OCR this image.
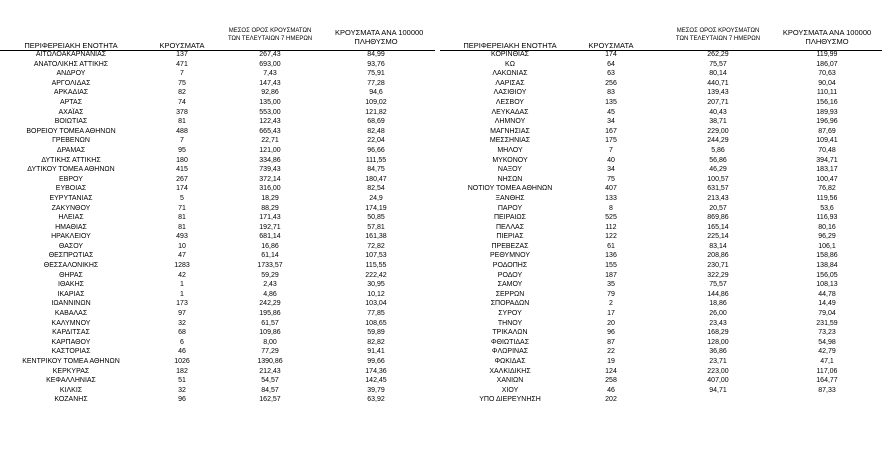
ΠΕΡΙΦΕΡΕΙΑΚΗ ΕΝΟΤΗΤΑ	ΚΡΟΥΣΜΑΤΑ
ΜΕΣΟΣ ΟΡΟΣ ΚΡΟΥΣΜΑΤΩΝ
ΤΩΝ ΤΕΛΕΥΤΑΙΩΝ 7 ΗΜΕΡΩΝ
ΚΡΟΥΣΜΑΤΑ ΑΝΑ 100000
ΠΛΗΘΥΣΜΟ	ΠΕΡΙΦΕΡΕΙΑΚΗ ΕΝΟΤΗΤΑ	ΚΡΟΥΣΜΑΤΑ
ΜΕΣΟΣ ΟΡΟΣ ΚΡΟΥΣΜΑΤΩΝ
ΤΩΝ ΤΕΛΕΥΤΑΙΩΝ 7 ΗΜΕΡΩΝ
ΚΡΟΥΣΜΑΤΑ ΑΝΑ 100000
ΠΛΗΘΥΣΜΟ
ΑΙΤΩΛΟΑΚΑΡΝΑΝΙΑΣ	137	267,43	84,99	ΚΟΡΙΝΘΙΑΣ	174	262,29	119,99
ΑΝΑΤΟΛΙΚΗΣ ΑΤΤΙΚΗΣ	471	693,00	93,76	ΚΩ	64	75,57	186,07
ΑΝΔΡΟΥ	7	7,43	75,91	ΛΑΚΩΝΙΑΣ	63	80,14	70,63
ΑΡΓΟΛΙΔΑΣ	75	147,43	77,28	ΛΑΡΙΣΑΣ	256	440,71	90,04
ΑΡΚΑΔΙΑΣ	82	92,86	94,6	ΛΑΣΙΘΙΟΥ	83	139,43	110,11
ΑΡΤΑΣ	74	135,00	109,02	ΛΕΣΒΟΥ	135	207,71	156,16
ΑΧΑΪΑΣ	378	553,00	121,82	ΛΕΥΚΑΔΑΣ	45	40,43	189,93
ΒΟΙΩΤΙΑΣ	81	122,43	68,69	ΛΗΜΝΟΥ	34	38,71	196,96
ΒΟΡΕΙΟΥ ΤΟΜΕΑ ΑΘΗΝΩΝ	488	665,43	82,48	ΜΑΓΝΗΣΙΑΣ	167	229,00	87,69
ΓΡΕΒΕΝΩΝ	7	22,71	22,04	ΜΕΣΣΗΝΙΑΣ	175	244,29	109,41
ΔΡΑΜΑΣ	95	121,00	96,66	ΜΗΛΟΥ	7	5,86	70,48
ΔΥΤΙΚΗΣ ΑΤΤΙΚΗΣ	180	334,86	111,55	ΜΥΚΟΝΟΥ	40	56,86	394,71
ΔΥΤΙΚΟΥ ΤΟΜΕΑ ΑΘΗΝΩΝ	415	739,43	84,75	ΝΑΞΟΥ	34	46,29	183,17
ΕΒΡΟΥ	267	372,14	180,47	ΝΗΣΩΝ	75	100,57	100,47
ΕΥΒΟΙΑΣ	174	316,00	82,54	ΝΟΤΙΟΥ ΤΟΜΕΑ ΑΘΗΝΩΝ	407	631,57	76,82
ΕΥΡΥΤΑΝΙΑΣ	5	18,29	24,9	ΞΑΝΘΗΣ	133	213,43	119,56
ΖΑΚΥΝΘΟΥ	71	88,29	174,19	ΠΑΡΟΥ	8	20,57	53,6
ΗΛΕΙΑΣ	81	171,43	50,85	ΠΕΙΡΑΙΩΣ	525	869,86	116,93
ΗΜΑΘΙΑΣ	81	192,71	57,81	ΠΕΛΛΑΣ	112	165,14	80,16
ΗΡΑΚΛΕΙΟΥ	493	681,14	161,38	ΠΙΕΡΙΑΣ	122	225,14	96,29
ΘΑΣΟΥ	10	16,86	72,82	ΠΡΕΒΕΖΑΣ	61	83,14	106,1
ΘΕΣΠΡΩΤΙΑΣ	47	61,14	107,53	ΡΕΘΥΜΝΟΥ	136	208,86	158,86
ΘΕΣΣΑΛΟΝΙΚΗΣ	1283	1733,57	115,55	ΡΟΔΟΠΗΣ	155	230,71	138,84
ΘΗΡΑΣ	42	59,29	222,42	ΡΟΔΟΥ	187	322,29	156,05
ΙΘΑΚΗΣ	1	2,43	30,95	ΣΑΜΟΥ	35	75,57	108,13
ΙΚΑΡΙΑΣ	1	4,86	10,12	ΣΕΡΡΩΝ	79	144,86	44,78
ΙΩΑΝΝΙΝΩΝ	173	242,29	103,04	ΣΠΟΡΑΔΩΝ	2	18,86	14,49
ΚΑΒΑΛΑΣ	97	195,86	77,85	ΣΥΡΟΥ	17	26,00	79,04
ΚΑΛΥΜΝΟΥ	32	61,57	108,65	ΤΗΝΟΥ	20	23,43	231,59
ΚΑΡΔΙΤΣΑΣ	68	109,86	59,89	ΤΡΙΚΑΛΩΝ	96	168,29	73,23
ΚΑΡΠΑΘΟΥ	6	8,00	82,82	ΦΘΙΩΤΙΔΑΣ	87	128,00	54,98
ΚΑΣΤΟΡΙΑΣ	46	77,29	91,41	ΦΛΩΡΙΝΑΣ	22	36,86	42,79
ΚΕΝΤΡΙΚΟΥ ΤΟΜΕΑ ΑΘΗΝΩΝ	1026	1390,86	99,66	ΦΩΚΙΔΑΣ	19	23,71	47,1
ΚΕΡΚΥΡΑΣ	182	212,43	174,36	ΧΑΛΚΙΔΙΚΗΣ	124	223,00	117,06
ΚΕΦΑΛΛΗΝΙΑΣ	51	54,57	142,45	ΧΑΝΙΩΝ	258	407,00	164,77
ΚΙΛΚΙΣ	32	84,57	39,79	ΧΙΟΥ	46	94,71	87,33
ΚΟΖΑΝΗΣ	96	162,57	63,92	ΥΠΟ ΔΙΕΡΕΥΝΗΣΗ	202
